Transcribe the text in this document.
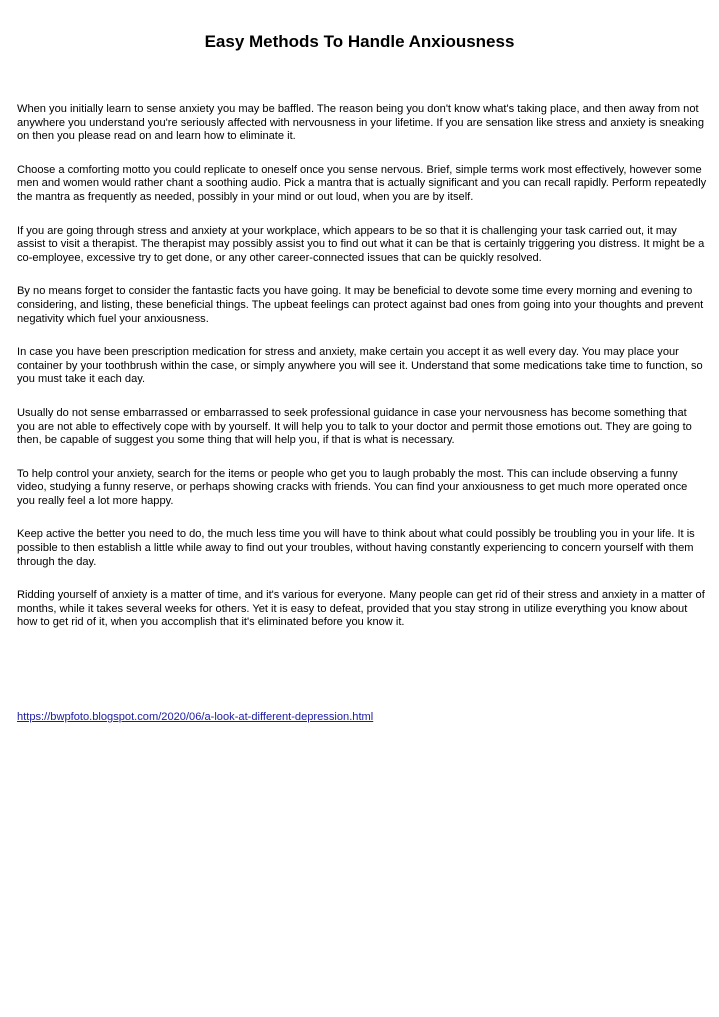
Easy Methods To Handle Anxiousness

When you initially learn to sense anxiety you may be baffled. The reason being you don't know what's taking place, and then away from not anywhere you understand you're seriously affected with nervousness in your lifetime. If you are sensation like stress and anxiety is sneaking on then you please read on and learn how to eliminate it.

Choose a comforting motto you could replicate to oneself once you sense nervous. Brief, simple terms work most effectively, however some men and women would rather chant a soothing audio. Pick a mantra that is actually significant and you can recall rapidly. Perform repeatedly the mantra as frequently as needed, possibly in your mind or out loud, when you are by itself.

If you are going through stress and anxiety at your workplace, which appears to be so that it is challenging your task carried out, it may assist to visit a therapist. The therapist may possibly assist you to find out what it can be that is certainly triggering you distress. It might be a co-employee, excessive try to get done, or any other career-connected issues that can be quickly resolved.

By no means forget to consider the fantastic facts you have going. It may be beneficial to devote some time every morning and evening to considering, and listing, these beneficial things. The upbeat feelings can protect against bad ones from going into your thoughts and prevent negativity which fuel your anxiousness.

In case you have been prescription medication for stress and anxiety, make certain you accept it as well every day. You may place your container by your toothbrush within the case, or simply anywhere you will see it. Understand that some medications take time to function, so you must take it each day.

Usually do not sense embarrassed or embarrassed to seek professional guidance in case your nervousness has become something that you are not able to effectively cope with by yourself. It will help you to talk to your doctor and permit those emotions out. They are going to then, be capable of suggest you some thing that will help you, if that is what is necessary.

To help control your anxiety, search for the items or people who get you to laugh probably the most. This can include observing a funny video, studying a funny reserve, or perhaps showing cracks with friends. You can find your anxiousness to get much more operated once you really feel a lot more happy.

Keep active the better you need to do, the much less time you will have to think about what could possibly be troubling you in your life. It is possible to then establish a little while away to find out your troubles, without having constantly experiencing to concern yourself with them through the day.

Ridding yourself of anxiety is a matter of time, and it's various for everyone. Many people can get rid of their stress and anxiety in a matter of months, while it takes several weeks for others. Yet it is easy to defeat, provided that you stay strong in utilize everything you know about how to get rid of it, when you accomplish that it's eliminated before you know it.

https://bwpfoto.blogspot.com/2020/06/a-look-at-different-depression.html
